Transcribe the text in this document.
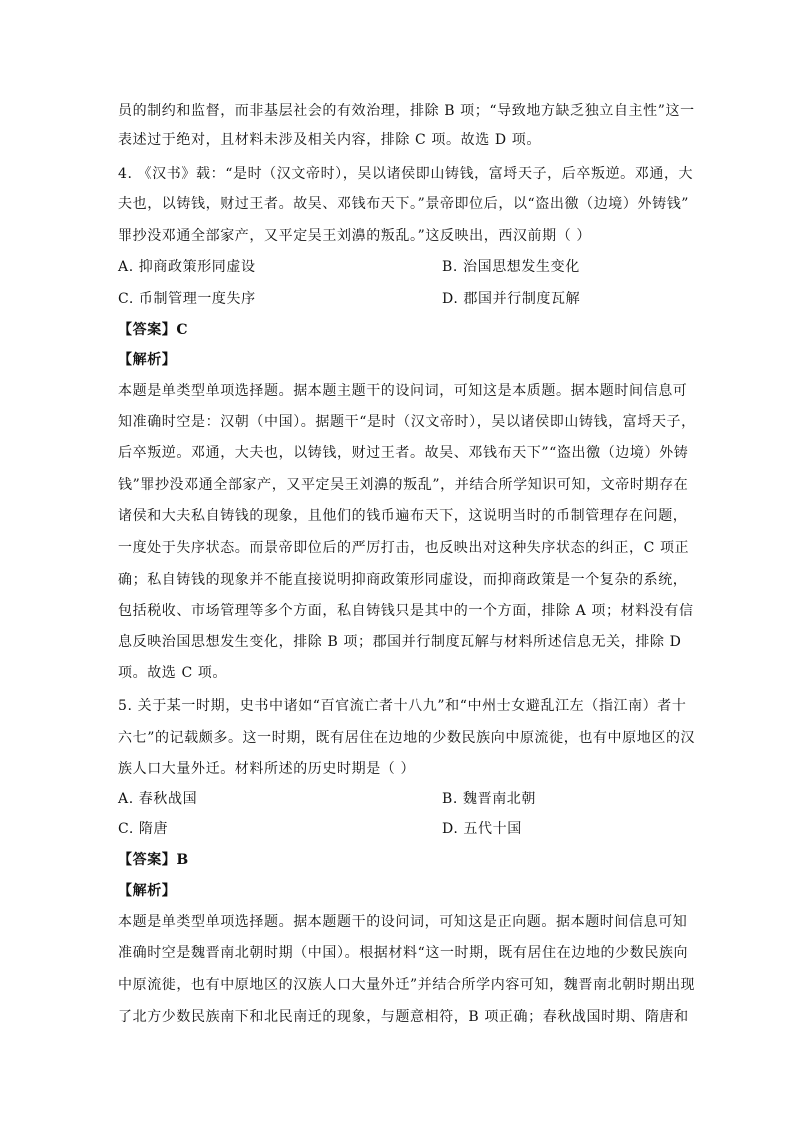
员的制约和监督，而非基层社会的有效治理，排除 B 项；“导致地方缺乏独立自主性”这一
表述过于绝对，且材料未涉及相关内容，排除 C 项。故选 D 项。
4. 《汉书》载：“是时（汉文帝时），吴以诸侯即山铸钱，富埒天子，后卒叛逆。邓通，大
夫也，以铸钱，财过王者。故吴、邓钱布天下。”景帝即位后，以“盗出徼（边境）外铸钱”
罪抄没邓通全部家产，又平定吴王刘濞的叛乱。”这反映出，西汉前期（ ）
A. 抑商政策形同虚设	B. 治国思想发生变化
C. 币制管理一度失序	D. 郡国并行制度瓦解
【答案】C
【解析】
本题是单类型单项选择题。据本题主题干的设问词，可知这是本质题。据本题时间信息可
知准确时空是：汉朝（中国）。据题干“是时（汉文帝时），吴以诸侯即山铸钱，富埒天子，
后卒叛逆。邓通，大夫也，以铸钱，财过王者。故吴、邓钱布天下”“盗出徼（边境）外铸
钱”罪抄没邓通全部家产，又平定吴王刘濞的叛乱”，并结合所学知识可知，文帝时期存在
诸侯和大夫私自铸钱的现象，且他们的钱币遍布天下，这说明当时的币制管理存在问题，
一度处于失序状态。而景帝即位后的严厉打击，也反映出对这种失序状态的纠正，C 项正
确；私自铸钱的现象并不能直接说明抑商政策形同虚设，而抑商政策是一个复杂的系统，
包括税收、市场管理等多个方面，私自铸钱只是其中的一个方面，排除 A 项；材料没有信
息反映治国思想发生变化，排除 B 项；郡国并行制度瓦解与材料所述信息无关，排除 D
项。故选 C 项。
5. 关于某一时期，史书中诸如“百官流亡者十八九”和“中州士女避乱江左（指江南）者十
六七”的记载颇多。这一时期，既有居住在边地的少数民族向中原流徙，也有中原地区的汉
族人口大量外迁。材料所述的历史时期是（ ）
A. 春秋战国	B. 魏晋南北朝
C. 隋唐	D. 五代十国
【答案】B
【解析】
本题是单类型单项选择题。据本题题干的设问词，可知这是正向题。据本题时间信息可知
准确时空是魏晋南北朝时期（中国）。根据材料“这一时期，既有居住在边地的少数民族向
中原流徙，也有中原地区的汉族人口大量外迁”并结合所学内容可知，魏晋南北朝时期出现
了北方少数民族南下和北民南迁的现象，与题意相符，B 项正确；春秋战国时期、隋唐和
